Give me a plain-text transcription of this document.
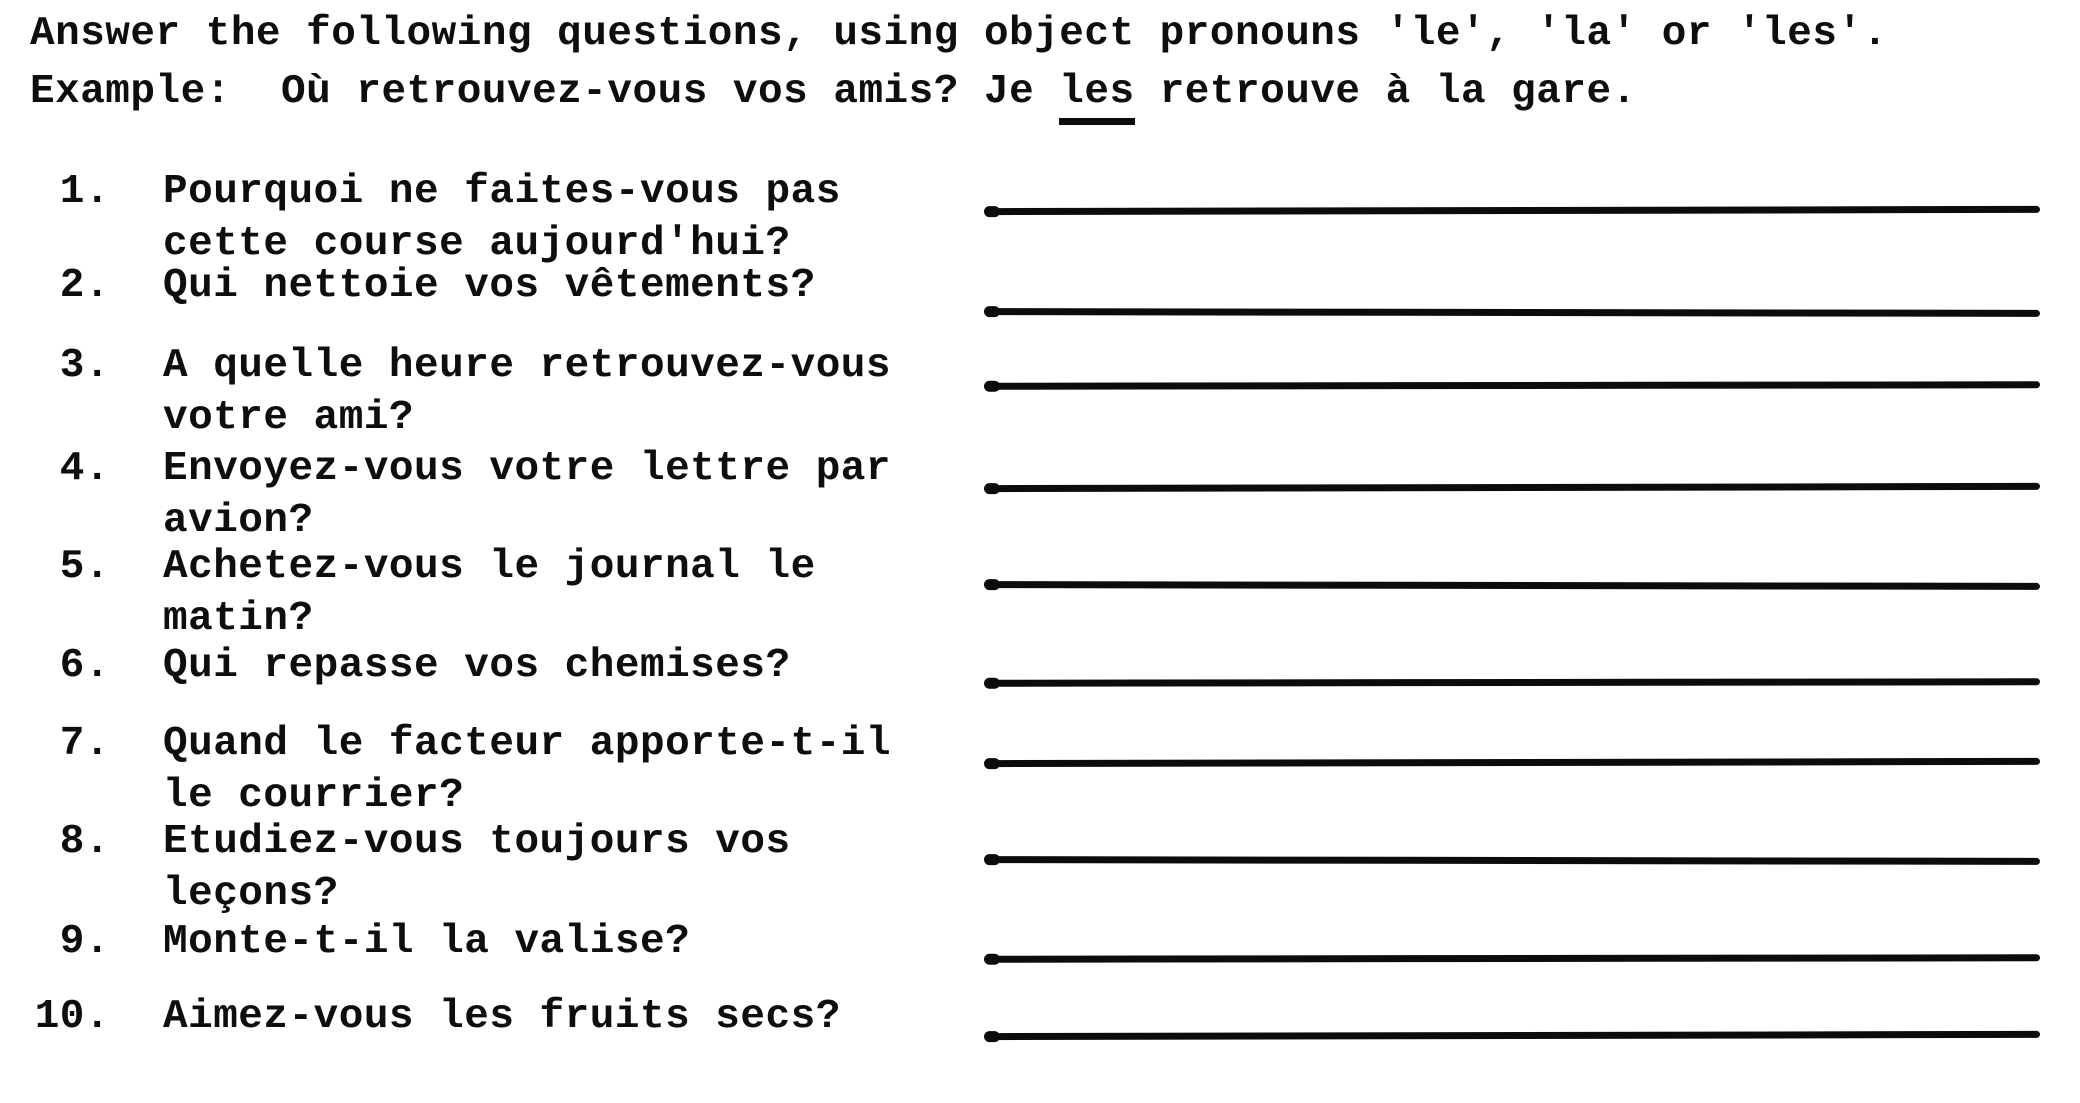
Answer the following questions, using object pronouns 'le', 'la' or 'les'.
Example:  Où retrouvez-vous vos amis? Je les retrouve à la gare.
1. Pourquoi ne faites-vous pas
cette course aujourd'hui?
2. Qui nettoie vos vêtements?
3. A quelle heure retrouvez-vous
votre ami?
4. Envoyez-vous votre lettre par
avion?
5. Achetez-vous le journal le
matin?
6. Qui repasse vos chemises?
7. Quand le facteur apporte-t-il
le courrier?
8. Etudiez-vous toujours vos
leçons?
9. Monte-t-il la valise?
10. Aimez-vous les fruits secs?
